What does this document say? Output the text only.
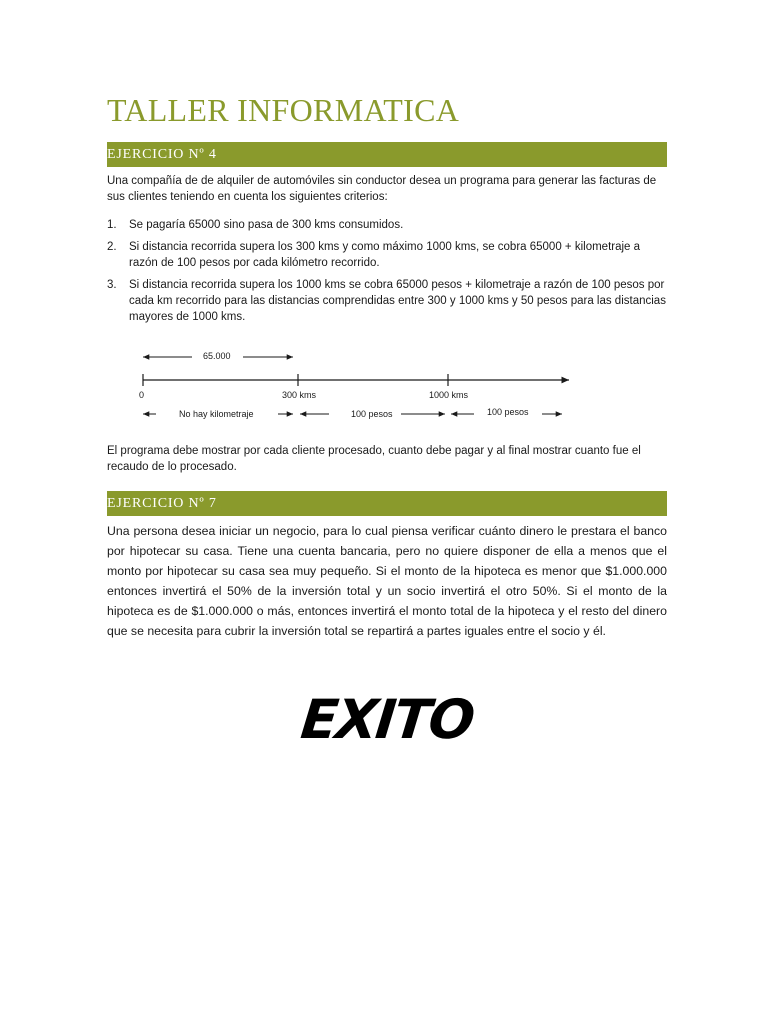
TALLER INFORMATICA
EJERCICIO Nº 4

Una compañía de de alquiler de automóviles sin conductor desea un programa para generar las facturas de sus clientes teniendo en cuenta los siguientes criterios:

1. Se pagaría 65000 sino pasa de 300 kms consumidos.
2. Si distancia recorrida supera los 300 kms y como máximo 1000 kms, se cobra 65000 + kilometraje a razón de 100 pesos por cada kilómetro recorrido.
3. Si distancia recorrida supera los 1000 kms se cobra 65000 pesos + kilometraje a razón de 100 pesos por cada km recorrido para las distancias comprendidas entre 300 y 1000 kms y 50 pesos para las distancias mayores de 1000 kms.
65.000
0	300 kms	1000 kms
No hay kilometraje	100 pesos	100 pesos

El programa debe mostrar por cada cliente procesado, cuanto debe pagar y al final mostrar cuanto fue el recaudo de lo procesado.

EJERCICIO Nº 7

Una persona desea iniciar un negocio, para lo cual piensa verificar cuánto dinero le prestara el banco por hipotecar su casa. Tiene una cuenta bancaria, pero no quiere disponer de ella a menos que el monto por hipotecar su casa sea muy pequeño. Si el monto de la hipoteca es menor que $1.000.000 entonces invertirá el 50% de la inversión total y un socio invertirá el otro 50%. Si el monto de la hipoteca es de $1.000.000 o más, entonces invertirá el monto total de la hipoteca y el resto del dinero que se necesita para cubrir la inversión total se repartirá a partes iguales entre el socio y él.

EXITO
